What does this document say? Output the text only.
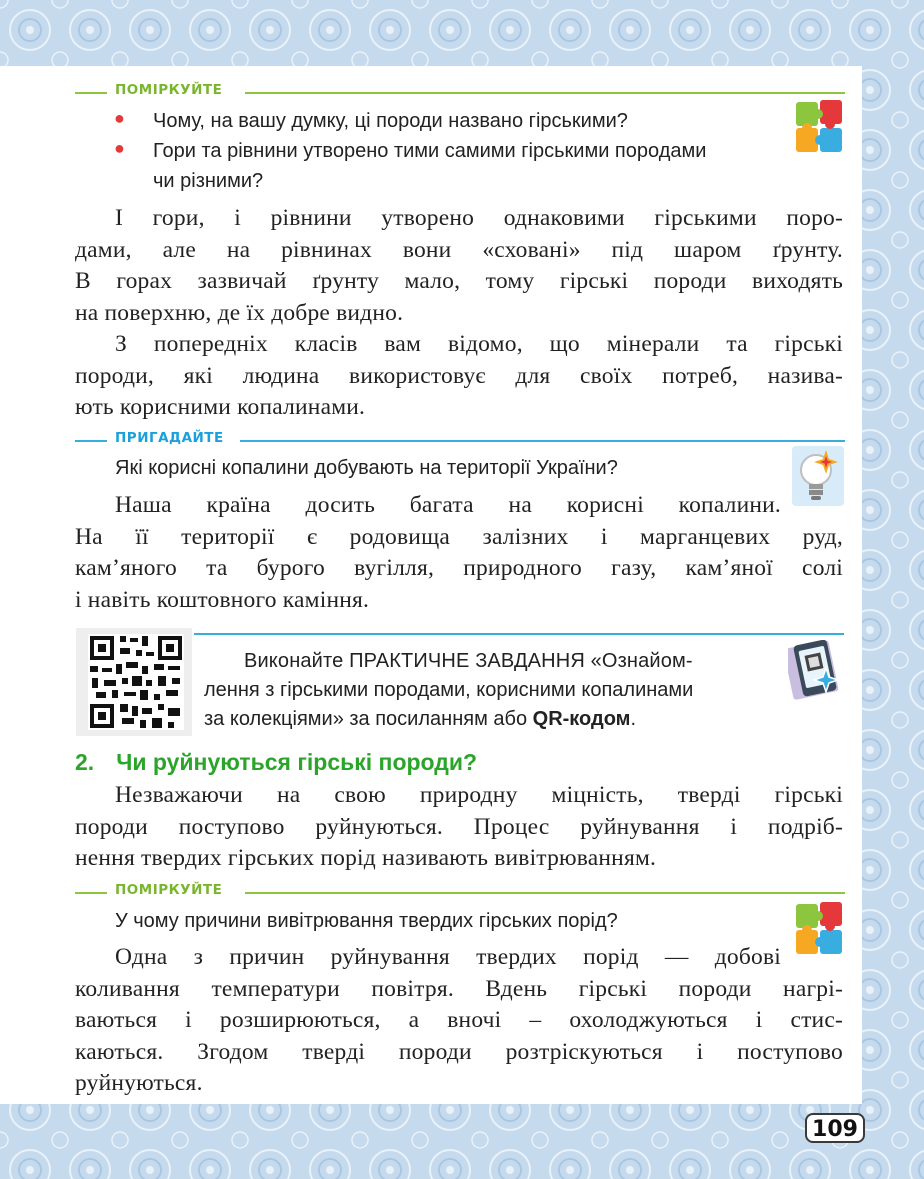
ПОМІРКУЙТЕ
● Чому, на вашу думку, ці породи названо гірськими?
● Гори та рівнини утворено тими самими гірськими породами
чи різними?
І гори, і рівнини утворено однаковими гірськими поро-
дами, але на рівнинах вони «сховані» під шаром ґрунту.
В горах зазвичай ґрунту мало, тому гірські породи виходять
на поверхню, де їх добре видно.
З попередніх класів вам відомо, що мінерали та гірські
породи, які людина використовує для своїх потреб, назива-
ють корисними копалинами.
ПРИГАДАЙТЕ
Які корисні копалини добувають на території України?
Наша країна досить багата на корисні копалини.
На її території є родовища залізних і марганцевих руд,
кам’яного та бурого вугілля, природного газу, кам’яної солі
і навіть коштовного каміння.
Виконайте ПРАКТИЧНЕ ЗАВДАННЯ «Ознайом-
лення з гірськими породами, корисними копалинами
за колекціями» за посиланням або QR-кодом.
2. Чи руйнуються гірські породи?
Незважаючи на свою природну міцність, тверді гірські
породи поступово руйнуються. Процес руйнування і подріб-
нення твердих гірських порід називають вивітрюванням.
ПОМІРКУЙТЕ
У чому причини вивітрювання твердих гірських порід?
Одна з причин руйнування твердих порід — добові
коливання температури повітря. Вдень гірські породи нагрі-
ваються і розширюються, а вночі – охолоджуються і стис-
каються. Згодом тверді породи розтріскуються і поступово
руйнуються.
109
